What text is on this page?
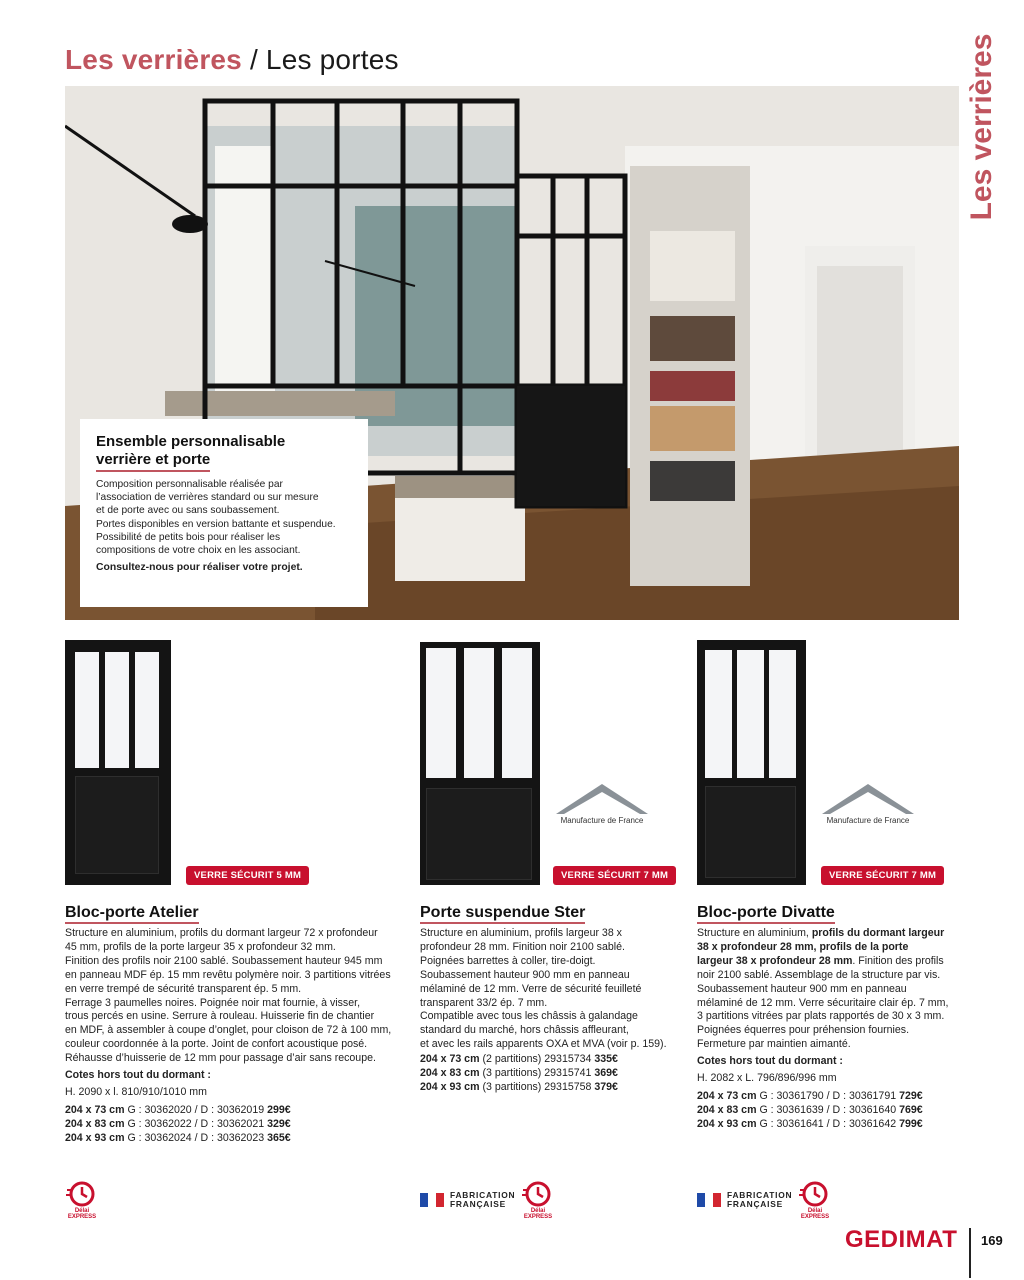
Les verrières / Les portes	Les verrières
Ensemble personnalisable
verrière et porte

Composition personnalisable réalisée par
l’association de verrières standard ou sur mesure
et de porte avec ou sans soubassement.
Portes disponibles en version battante et suspendue.
Possibilité de petits bois pour réaliser les
compositions de votre choix en les associant.

Consultez-nous pour réaliser votre projet.

VERRE SÉCURIT 5 MM
Bloc-porte Atelier
Structure en aluminium, profils du dormant largeur 72 x profondeur
45 mm, profils de la porte largeur 35 x profondeur 32 mm.
Finition des profils noir 2100 sablé. Soubassement hauteur 945 mm
en panneau MDF ép. 15 mm revêtu polymère noir. 3 partitions vitrées
en verre trempé de sécurité transparent ép. 5 mm.
Ferrage 3 paumelles noires. Poignée noir mat fournie, à visser,
trous percés en usine. Serrure à rouleau. Huisserie fin de chantier
en MDF, à assembler à coupe d’onglet, pour cloison de 72 à 100 mm,
couleur coordonnée à la porte. Joint de confort acoustique posé.
Réhausse d’huisserie de 12 mm pour passage d’air sans recoupe.
Cotes hors tout du dormant :
H. 2090 x l. 810/910/1010 mm
204 x 73 cm G : 30362020 / D : 30362019 299€
204 x 83 cm G : 30362022 / D : 30362021 329€
204 x 93 cm G : 30362024 / D : 30362023 365€
Délai
EXPRESS
Manufacture de France
VERRE SÉCURIT 7 MM
Porte suspendue Ster
Structure en aluminium, profils largeur 38 x
profondeur 28 mm. Finition noir 2100 sablé.
Poignées barrettes à coller, tire-doigt.
Soubassement hauteur 900 mm en panneau
mélaminé de 12 mm. Verre de sécurité feuilleté
transparent 33/2 ép. 7 mm.
Compatible avec tous les châssis à galandage
standard du marché, hors châssis affleurant,
et avec les rails apparents OXA et MVA (voir p. 159).
204 x 73 cm (2 partitions) 29315734 335€
204 x 83 cm (3 partitions) 29315741 369€
204 x 93 cm (3 partitions) 29315758 379€
FABRICATION
FRANÇAISE
Délai
EXPRESS
Manufacture de France
VERRE SÉCURIT 7 MM
Bloc-porte Divatte
Structure en aluminium, profils du dormant largeur
38 x profondeur 28 mm, profils de la porte
largeur 38 x profondeur 28 mm. Finition des profils
noir 2100 sablé. Assemblage de la structure par vis.
Soubassement hauteur 900 mm en panneau
mélaminé de 12 mm. Verre sécuritaire clair ép. 7 mm,
3 partitions vitrées par plats rapportés de 30 x 3 mm.
Poignées équerres pour préhension fournies.
Fermeture par maintien aimanté.
Cotes hors tout du dormant :
H. 2082 x L. 796/896/996 mm
204 x 73 cm G : 30361790 / D : 30361791 729€
204 x 83 cm G : 30361639 / D : 30361640 769€
204 x 93 cm G : 30361641 / D : 30361642 799€
FABRICATION
FRANÇAISE
Délai
EXPRESS
GEDIMAT 169
